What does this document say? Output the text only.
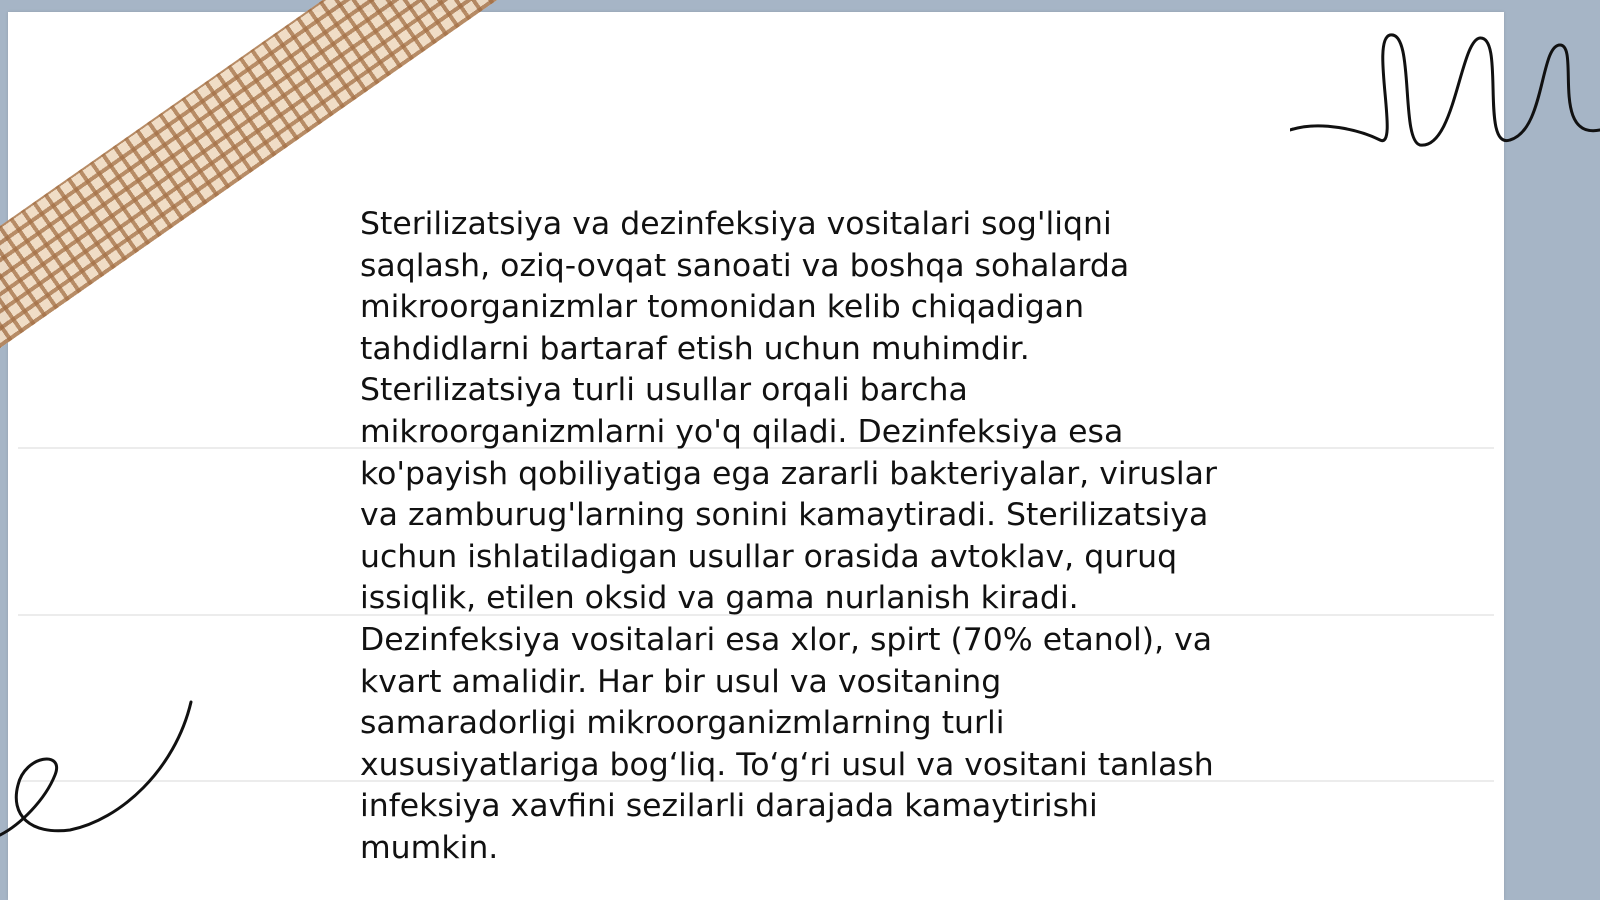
Sterilizatsiya va dezinfeksiya vositalari sog'liqni
saqlash, oziq-ovqat sanoati va boshqa sohalarda
mikroorganizmlar tomonidan kelib chiqadigan
tahdidlarni bartaraf etish uchun muhimdir.
Sterilizatsiya turli usullar orqali barcha
mikroorganizmlarni yo'q qiladi. Dezinfeksiya esa
ko'payish qobiliyatiga ega zararli bakteriyalar, viruslar
va zamburug'larning sonini kamaytiradi. Sterilizatsiya
uchun ishlatiladigan usullar orasida avtoklav, quruq
issiqlik, etilen oksid va gama nurlanish kiradi.
Dezinfeksiya vositalari esa xlor, spirt (70% etanol), va
kvart amalidir. Har bir usul va vositaning
samaradorligi mikroorganizmlarning turli
xususiyatlariga bog‘liq. To‘g‘ri usul va vositani tanlash
infeksiya xavfini sezilarli darajada kamaytirishi
mumkin.
